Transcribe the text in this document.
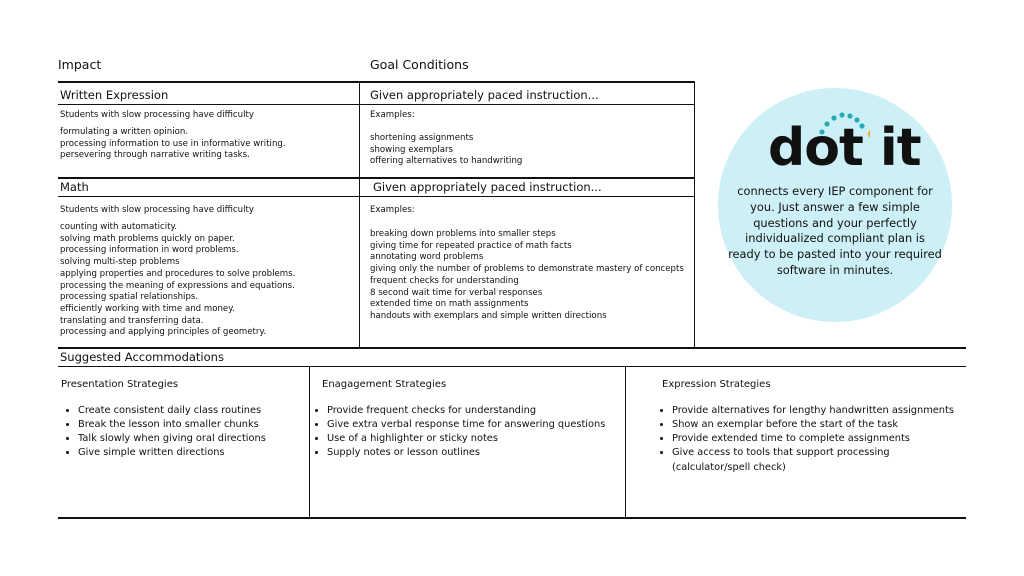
Impact	Goal Conditions
Written Expression	Given appropriately paced instruction...
Students with slow processing have difficulty
formulating a written opinion.
processing information to use in informative writing.
persevering through narrative writing tasks.
Examples:
shortening assignments
showing exemplars
offering alternatives to handwriting
Math	Given appropriately paced instruction...
Students with slow processing have difficulty
counting with automaticity.
solving math problems quickly on paper.
processing information in word problems.
solving multi-step problems
applying properties and procedures to solve problems.
processing the meaning of expressions and equations.
processing spatial relationships.
efficiently working with time and money.
translating and transferring data.
processing and applying principles of geometry.
Examples:
breaking down problems into smaller steps
giving time for repeated practice of math facts
annotating word problems
giving only the number of problems to demonstrate mastery of concepts
frequent checks for understanding
8 second wait time for verbal responses
extended time on math assignments
handouts with exemplars and simple written directions
dot it
connects every IEP component for you. Just answer a few simple questions and your perfectly individualized compliant plan is ready to be pasted into your required software in minutes.
Suggested Accommodations
Presentation Strategies
• Create consistent daily class routines
• Break the lesson into smaller chunks
• Talk slowly when giving oral directions
• Give simple written directions
Enagagement Strategies
• Provide frequent checks for understanding
• Give extra verbal response time for answering questions
• Use of a highlighter or sticky notes
• Supply notes or lesson outlines
Expression Strategies
• Provide alternatives for lengthy handwritten assignments
• Show an exemplar before the start of the task
• Provide extended time to complete assignments
• Give access to tools that support processing
(calculator/spell check)
